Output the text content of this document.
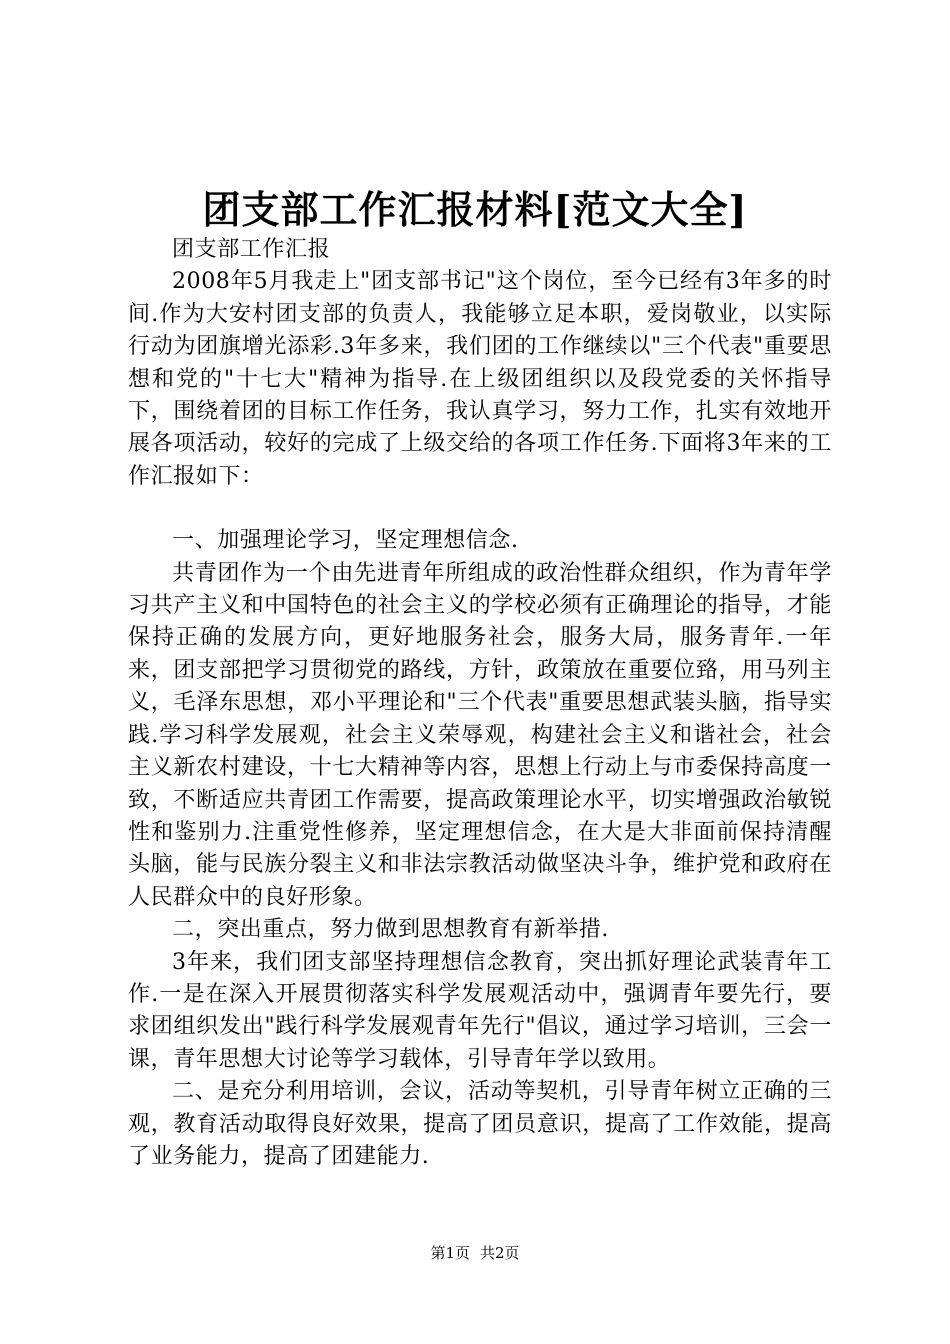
团支部工作汇报材料[范文大全]

团支部工作汇报

2008年5月我走上"团支部书记"这个岗位，至今已经有3年多的时间.作为大安村团支部的负责人，我能够立足本职，爱岗敬业，以实际行动为团旗增光添彩.3年多来，我们团的工作继续以"三个代表"重要思想和党的"十七大"精神为指导.在上级团组织以及段党委的关怀指导下，围绕着团的目标工作任务，我认真学习，努力工作，扎实有效地开展各项活动，较好的完成了上级交给的各项工作任务.下面将3年来的工作汇报如下：

一、加强理论学习，坚定理想信念.

共青团作为一个由先进青年所组成的政治性群众组织，作为青年学习共产主义和中国特色的社会主义的学校必须有正确理论的指导，才能保持正确的发展方向，更好地服务社会，服务大局，服务青年.一年来，团支部把学习贯彻党的路线，方针，政策放在重要位臵，用马列主义，毛泽东思想，邓小平理论和"三个代表"重要思想武装头脑，指导实践.学习科学发展观，社会主义荣辱观，构建社会主义和谐社会，社会主义新农村建设，十七大精神等内容，思想上行动上与市委保持高度一致，不断适应共青团工作需要，提高政策理论水平，切实增强政治敏锐性和鉴别力.注重党性修养，坚定理想信念，在大是大非面前保持清醒头脑，能与民族分裂主义和非法宗教活动做坚决斗争，维护党和政府在人民群众中的良好形象。

二，突出重点，努力做到思想教育有新举措.

3年来，我们团支部坚持理想信念教育，突出抓好理论武装青年工作.一是在深入开展贯彻落实科学发展观活动中，强调青年要先行，要求团组织发出"践行科学发展观青年先行"倡议，通过学习培训，三会一课，青年思想大讨论等学习载体，引导青年学以致用。

二、是充分利用培训，会议，活动等契机，引导青年树立正确的三观，教育活动取得良好效果，提高了团员意识，提高了工作效能，提高了业务能力，提高了团建能力.

第1页 共2页
